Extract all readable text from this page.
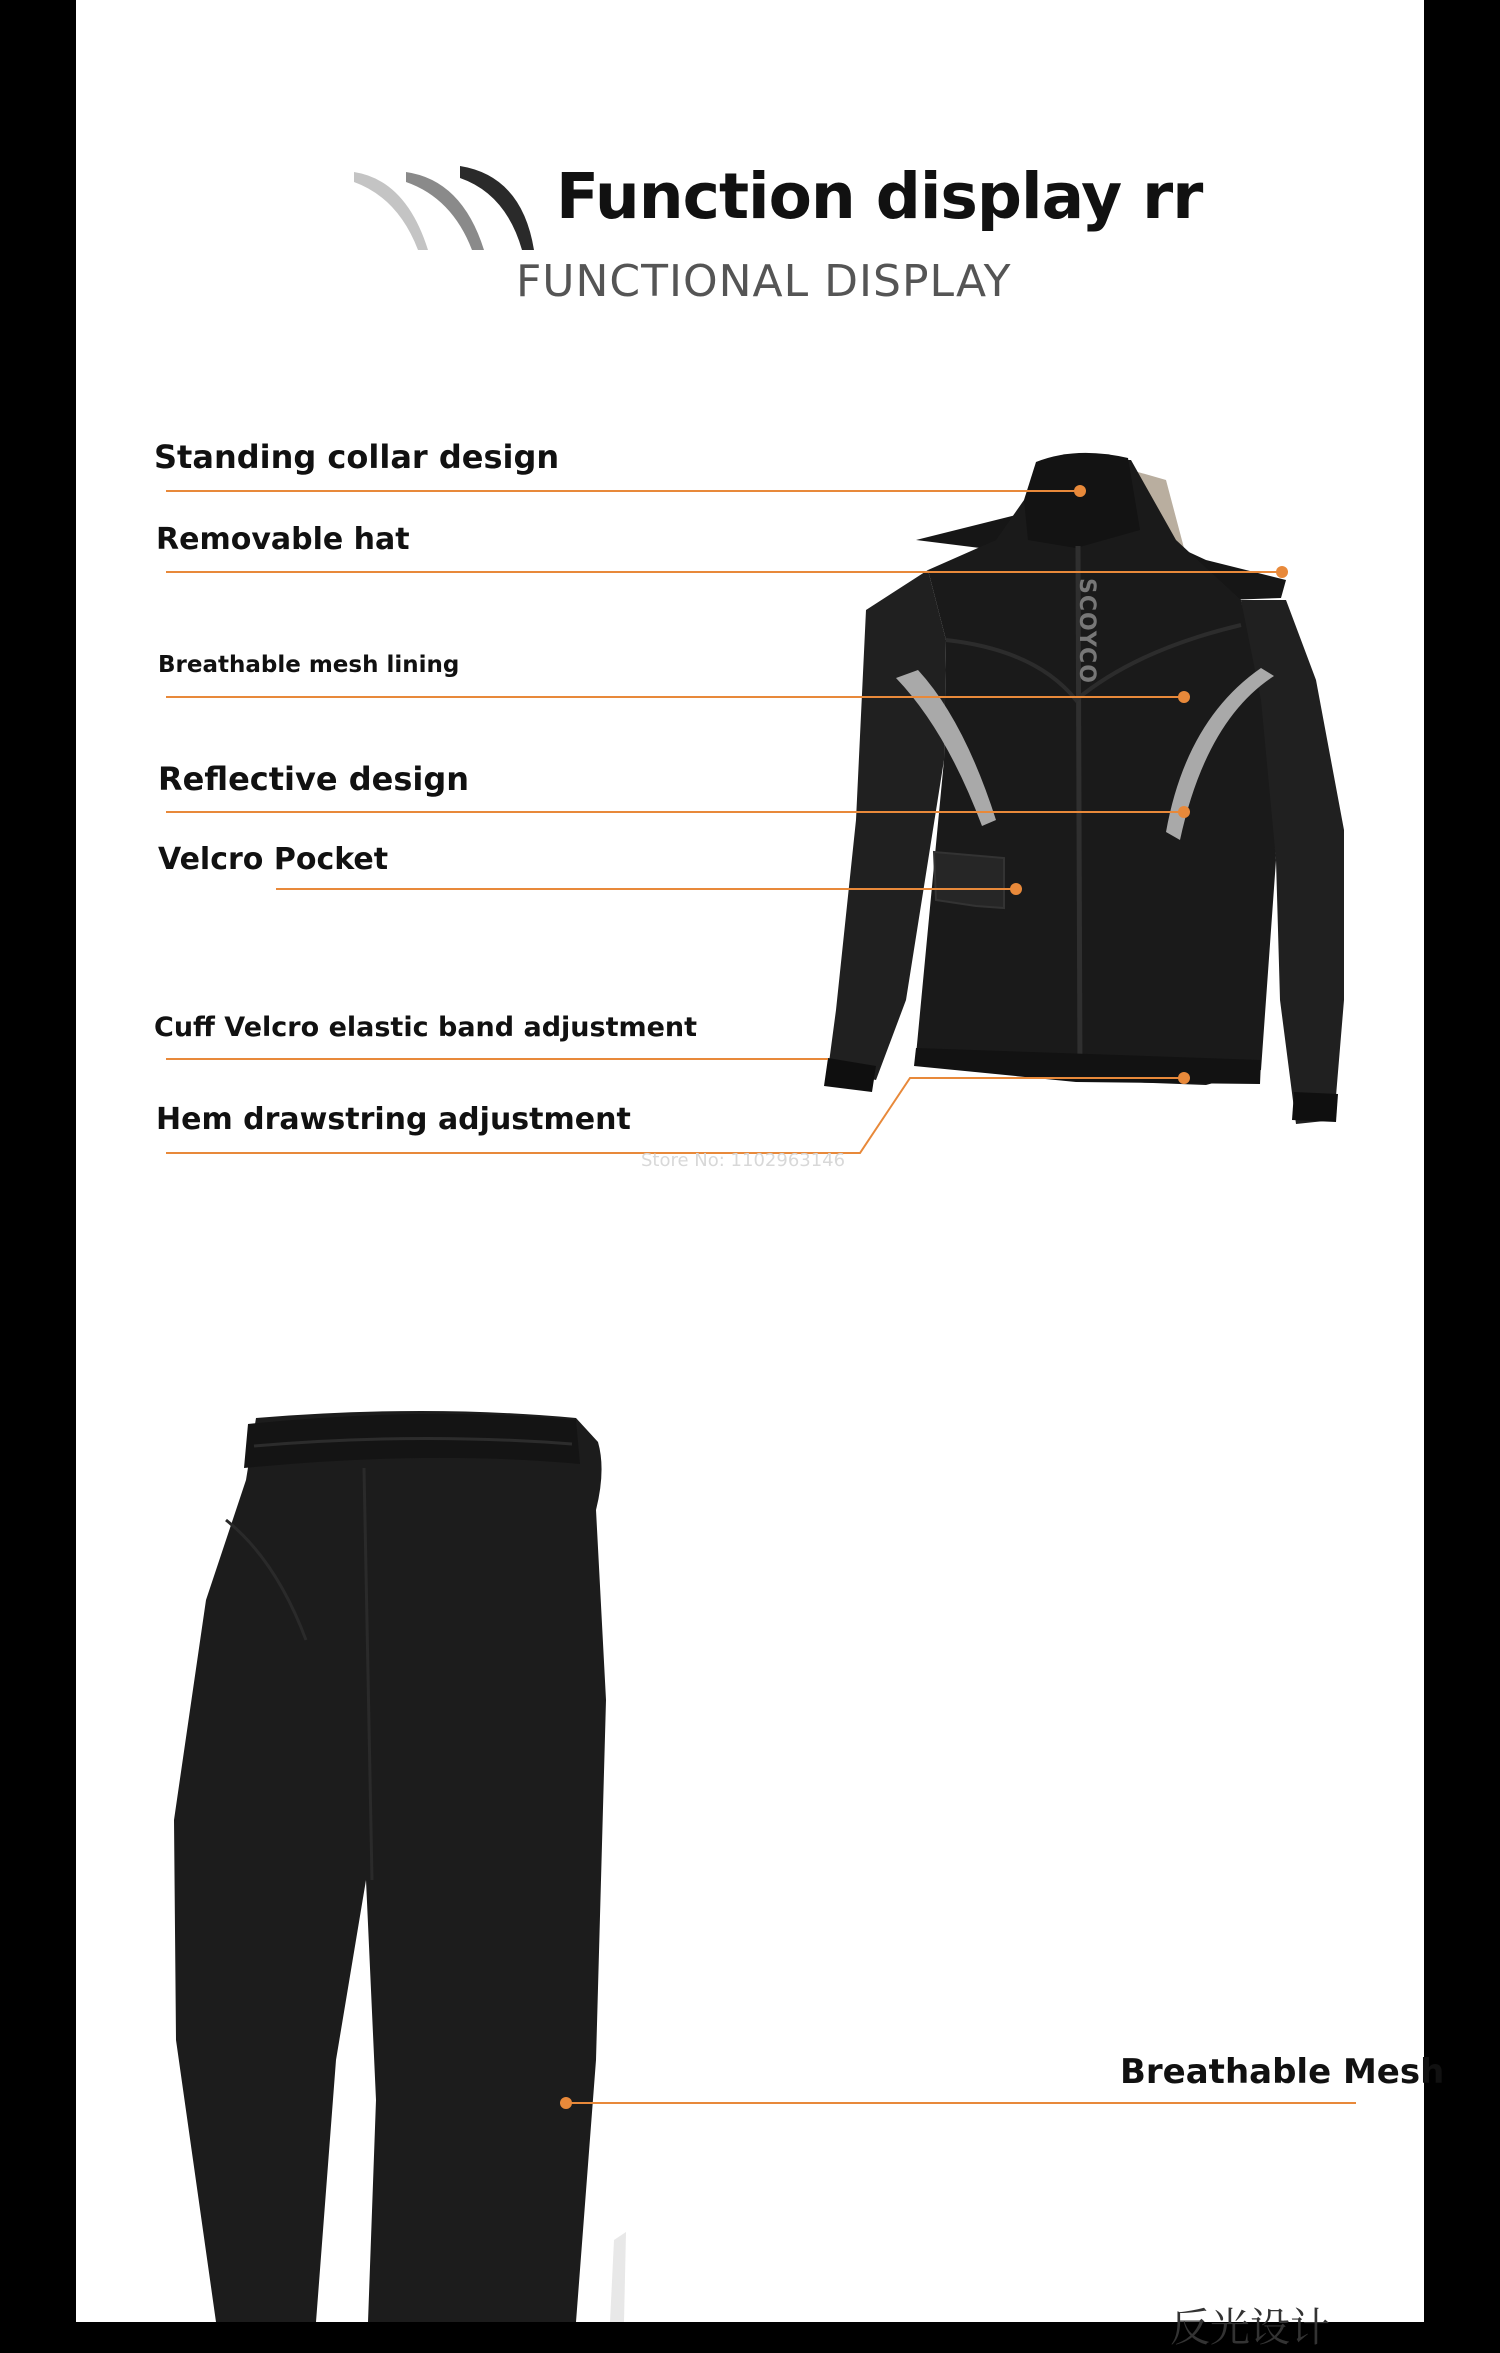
SCOYCO
Function display rr
FUNCTIONAL DISPLAY
Standing collar design
Removable hat
Breathable mesh lining
Reflective design
Velcro Pocket
Cuff Velcro elastic band adjustment
Hem drawstring adjustment
Store No: 1102963146
Breathable Mesh
反光设计
